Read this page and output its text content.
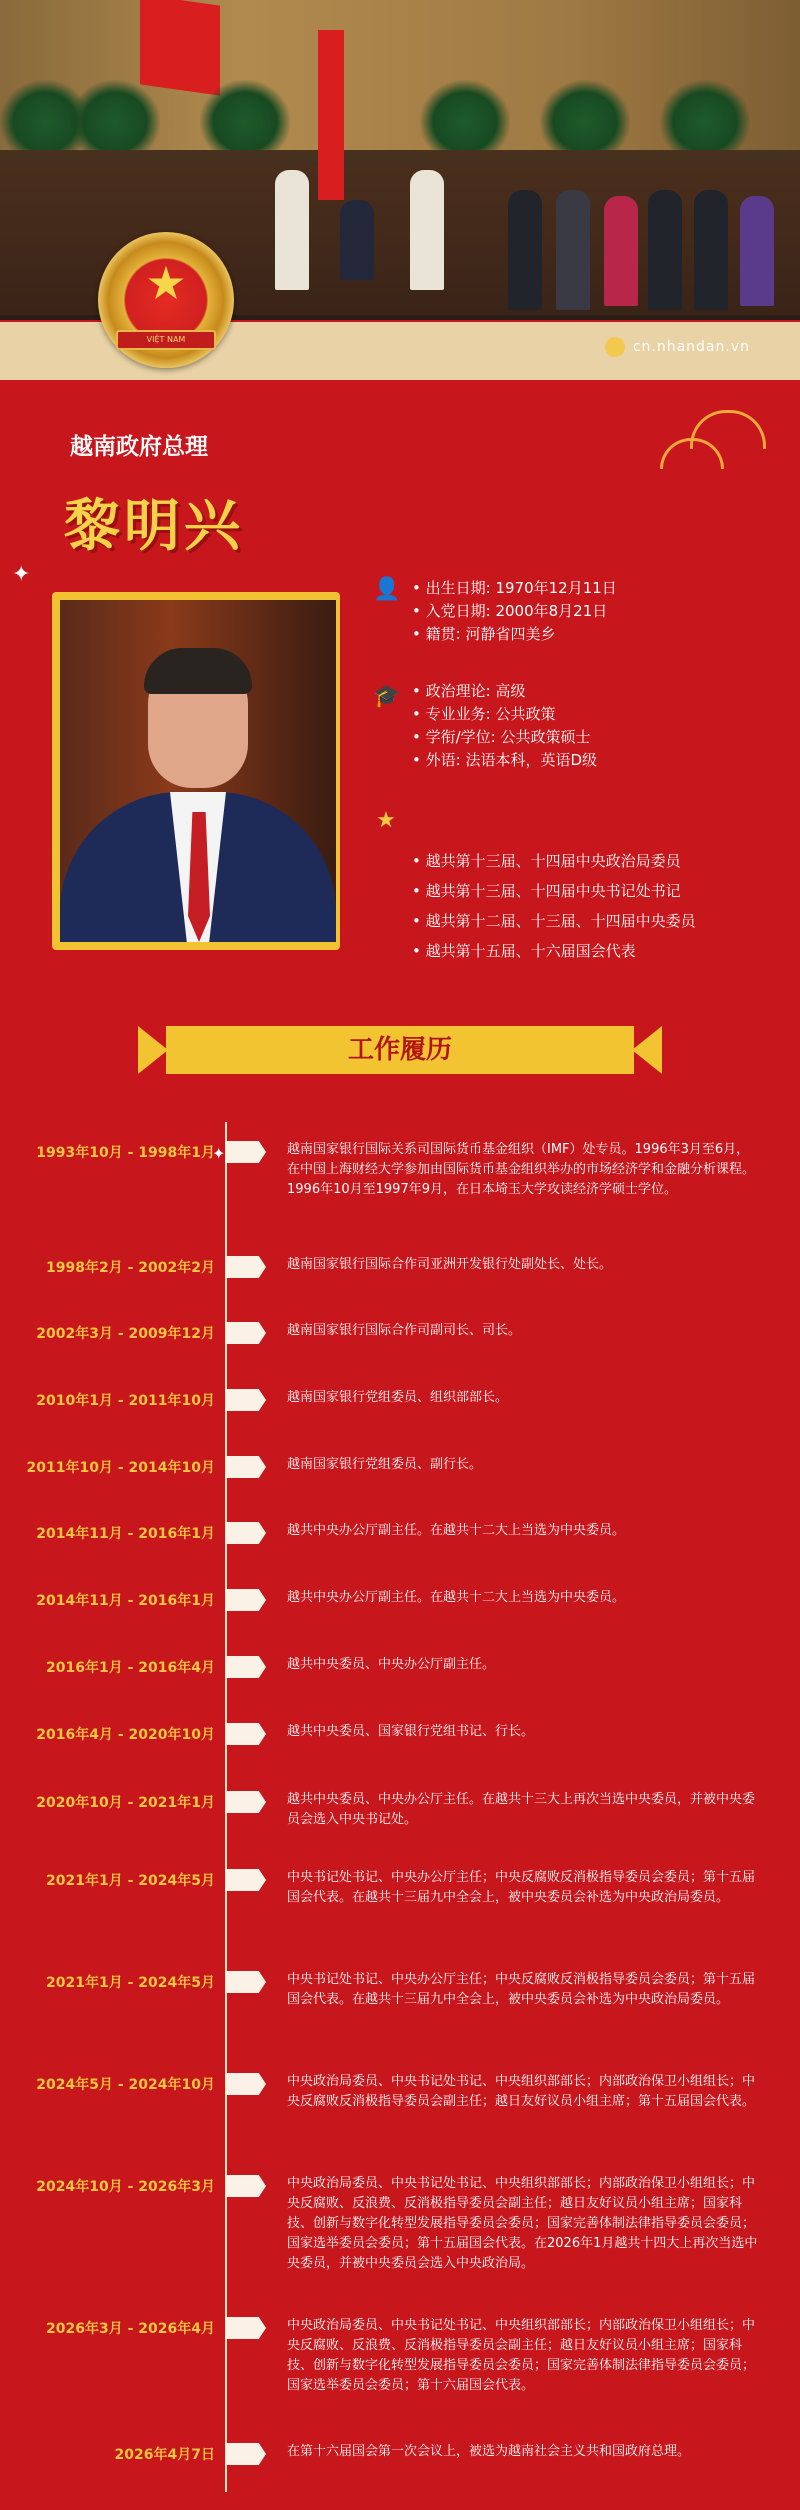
cn.nhandan.vn
★
VIỆT NAM
越南政府总理
黎明兴
✦
✦
👤	• 出生日期: 1970年12月11日
• 入党日期: 2000年8月21日
• 籍贯: 河静省四美乡
🎓	• 政治理论: 高级
• 专业业务: 公共政策
• 学衔/学位: 公共政策硕士
• 外语: 法语本科，英语D级
★
• 越共第十三届、十四届中央政治局委员
• 越共第十三届、十四届中央书记处书记
• 越共第十二届、十三届、十四届中央委员
• 越共第十五届、十六届国会代表
工作履历
1993年10月 - 1998年1月	越南国家银行国际关系司国际货币基金组织（IMF）处专员。1996年3月至6月，在中国上海财经大学参加由国际货币基金组织举办的市场经济学和金融分析课程。1996年10月至1997年9月，在日本埼玉大学攻读经济学硕士学位。
1998年2月 - 2002年2月	越南国家银行国际合作司亚洲开发银行处副处长、处长。
2002年3月 - 2009年12月	越南国家银行国际合作司副司长、司长。
2010年1月 - 2011年10月	越南国家银行党组委员、组织部部长。
2011年10月 - 2014年10月	越南国家银行党组委员、副行长。
2014年11月 - 2016年1月	越共中央办公厅副主任。在越共十二大上当选为中央委员。
2014年11月 - 2016年1月	越共中央办公厅副主任。在越共十二大上当选为中央委员。
2016年1月 - 2016年4月	越共中央委员、中央办公厅副主任。
2016年4月 - 2020年10月	越共中央委员、国家银行党组书记、行长。
2020年10月 - 2021年1月	越共中央委员、中央办公厅主任。在越共十三大上再次当选中央委员，并被中央委员会选入中央书记处。
2021年1月 - 2024年5月	中央书记处书记、中央办公厅主任；中央反腐败反消极指导委员会委员；第十五届国会代表。在越共十三届九中全会上，被中央委员会补选为中央政治局委员。
2021年1月 - 2024年5月	中央书记处书记、中央办公厅主任；中央反腐败反消极指导委员会委员；第十五届国会代表。在越共十三届九中全会上，被中央委员会补选为中央政治局委员。
2024年5月 - 2024年10月	中央政治局委员、中央书记处书记、中央组织部部长；内部政治保卫小组组长；中央反腐败反消极指导委员会副主任；越日友好议员小组主席；第十五届国会代表。
2024年10月 - 2026年3月	中央政治局委员、中央书记处书记、中央组织部部长；内部政治保卫小组组长；中央反腐败、反浪费、反消极指导委员会副主任；越日友好议员小组主席；国家科技、创新与数字化转型发展指导委员会委员；国家完善体制法律指导委员会委员；国家选举委员会委员；第十五届国会代表。在2026年1月越共十四大上再次当选中央委员，并被中央委员会选入中央政治局。
2026年3月 - 2026年4月	中央政治局委员、中央书记处书记、中央组织部部长；内部政治保卫小组组长；中央反腐败、反浪费、反消极指导委员会副主任；越日友好议员小组主席；国家科技、创新与数字化转型发展指导委员会委员；国家完善体制法律指导委员会委员；国家选举委员会委员；第十六届国会代表。
2026年4月7日	在第十六届国会第一次会议上，被选为越南社会主义共和国政府总理。
